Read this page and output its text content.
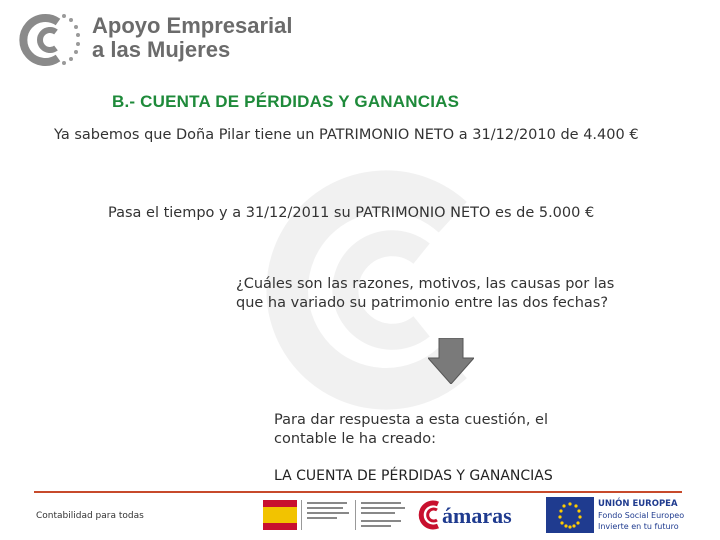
Apoyo Empresarial
a las Mujeres
B.- CUENTA DE PÉRDIDAS Y GANANCIAS
Ya sabemos que Doña Pilar tiene un PATRIMONIO NETO a 31/12/2010 de 4.400 €
Pasa el tiempo y a 31/12/2011 su PATRIMONIO NETO es de 5.000 €
¿Cuáles son las razones, motivos, las causas por las que ha variado su patrimonio entre las dos fechas?
Para dar respuesta a esta cuestión, el contable le ha creado:
LA CUENTA DE PÉRDIDAS Y GANANCIAS
Contabilidad para todas	ámaras	UNIÓN EUROPEA
Fondo Social Europeo
Invierte en tu futuro
